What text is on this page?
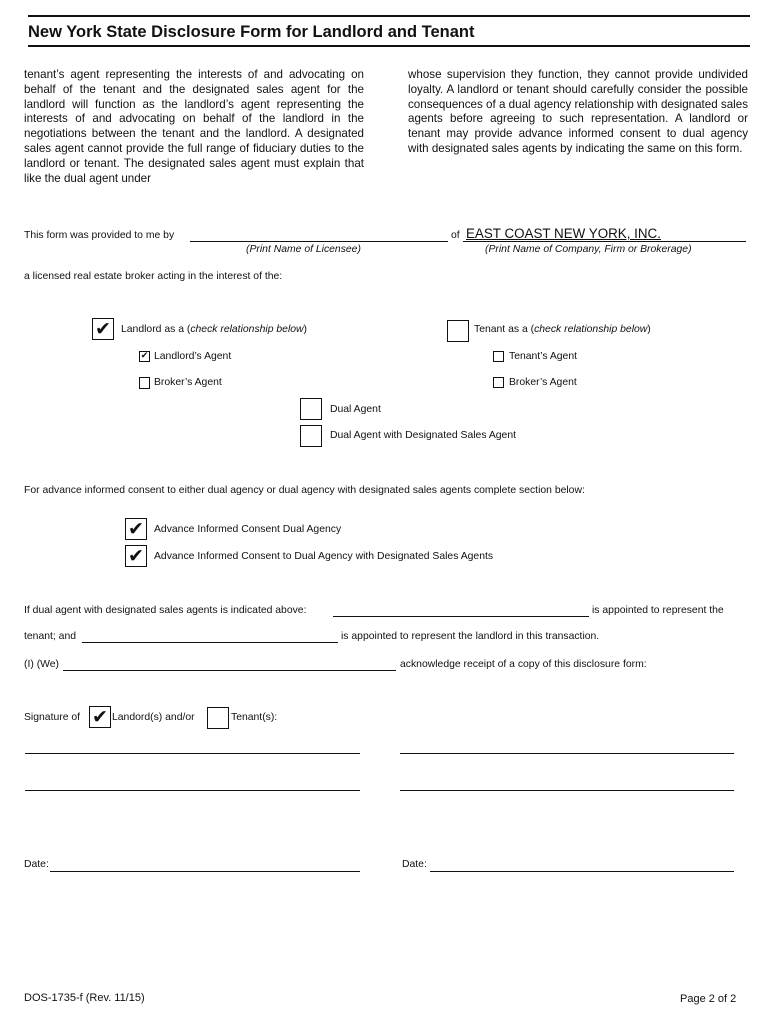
New York State Disclosure Form for Landlord and Tenant
tenant’s agent representing the interests of and advocating on behalf of the tenant and the designated sales agent for the landlord will function as the landlord’s agent representing the interests of and advocating on behalf of the landlord in the negotiations between the tenant and the landlord. A designated sales agent cannot provide the full range of fiduciary duties to the landlord or tenant. The designated sales agent must explain that like the dual agent under
whose supervision they function, they cannot provide undivided loyalty. A landlord or tenant should carefully consider the possible consequences of a dual agency relationship with designated sales agents before agreeing to such representation. A landlord or tenant may provide advance informed consent to dual agency with designated sales agents by indicating the same on this form.
This form was provided to me by	of EAST COAST NEW YORK, INC.
(Print Name of Licensee)	(Print Name of Company, Firm or Brokerage)
a licensed real estate broker acting in the interest of the:
✔ Landlord as a (check relationship below)
✔ Landlord’s Agent
Broker’s Agent
Tenant as a (check relationship below)
Tenant’s Agent
Broker’s Agent
Dual Agent
Dual Agent with Designated Sales Agent
For advance informed consent to either dual agency or dual agency with designated sales agents complete section below:
✔ Advance Informed Consent Dual Agency
✔ Advance Informed Consent to Dual Agency with Designated Sales Agents
If dual agent with designated sales agents is indicated above:	is appointed to represent the
tenant; and	is appointed to represent the landlord in this transaction.
(I) (We)	acknowledge receipt of a copy of this disclosure form:
Signature of ✔ Landord(s) and/or	Tenant(s):
Date:	Date:
DOS-1735-f (Rev. 11/15)	Page 2 of 2
